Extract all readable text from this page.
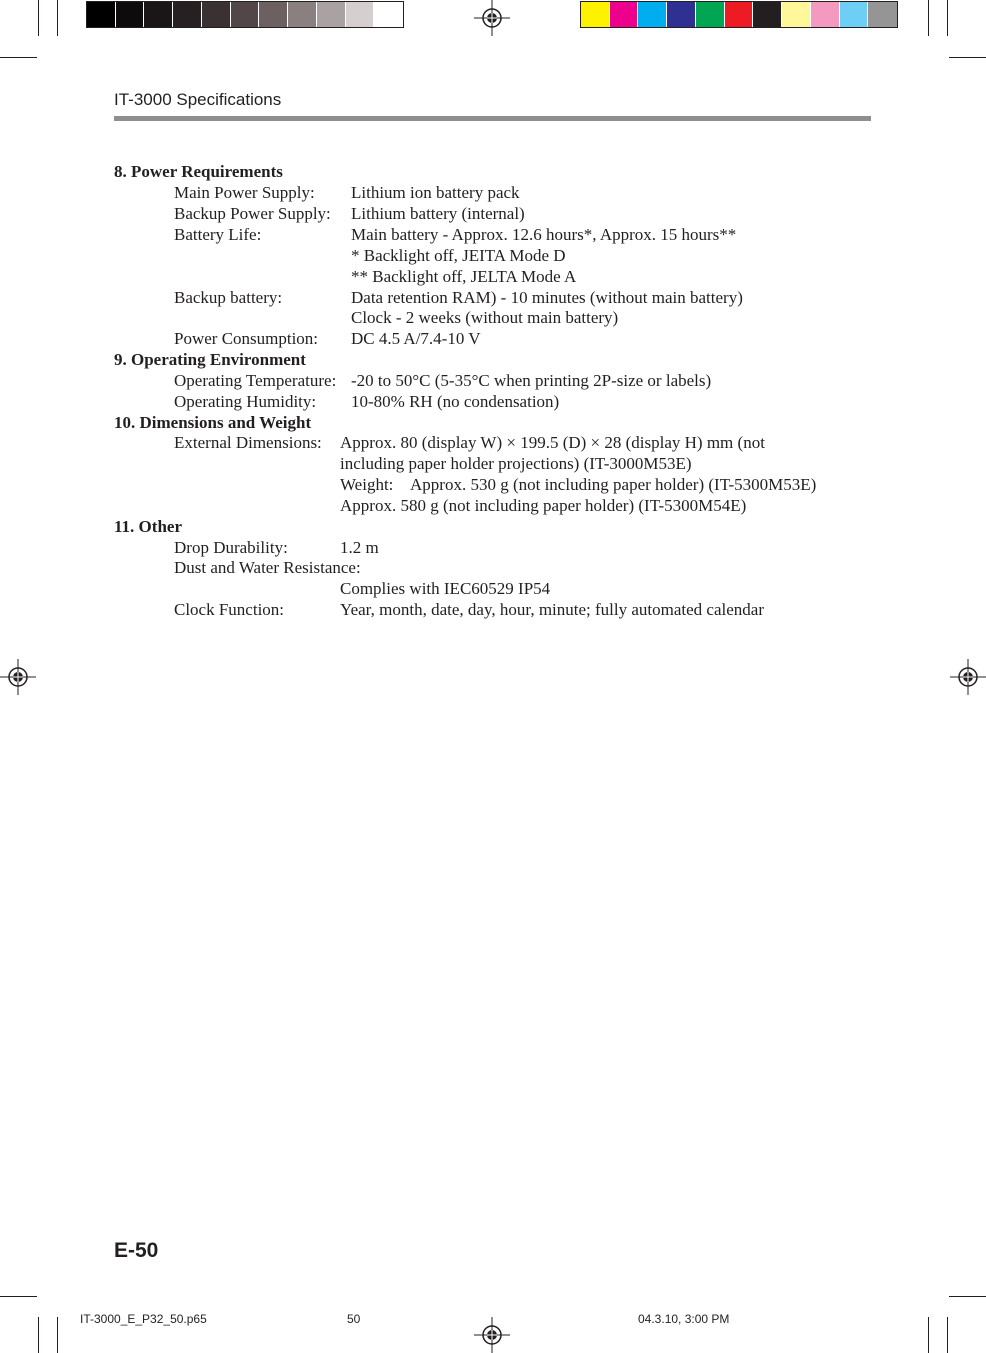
IT-3000 Specifications
8. Power Requirements
Main Power Supply: Lithium ion battery pack
Backup Power Supply: Lithium battery (internal)
Battery Life:	Main battery - Approx. 12.6 hours*, Approx. 15 hours**
* Backlight off, JEITA Mode D
** Backlight off, JELTA Mode A
Backup battery:	Data retention RAM) - 10 minutes (without main battery)
Clock - 2 weeks (without main battery)
Power Consumption: DC 4.5 A/7.4-10 V
9. Operating Environment
Operating Temperature: -20 to 50°C (5-35°C when printing 2P-size or labels)
Operating Humidity: 10-80% RH (no condensation)
10. Dimensions and Weight
External Dimensions: Approx. 80 (display W) × 199.5 (D) × 28 (display H) mm (not
including paper holder projections) (IT-3000M53E)
Weight: Approx. 530 g (not including paper holder) (IT-5300M53E)
Approx. 580 g (not including paper holder) (IT-5300M54E)
11. Other
Drop Durability:	1.2 m
Dust and Water Resistance:
Complies with IEC60529 IP54
Clock Function:	Year, month, date, day, hour, minute; fully automated calendar
E-50
IT-3000_E_P32_50.p65	50	04.3.10, 3:00 PM
